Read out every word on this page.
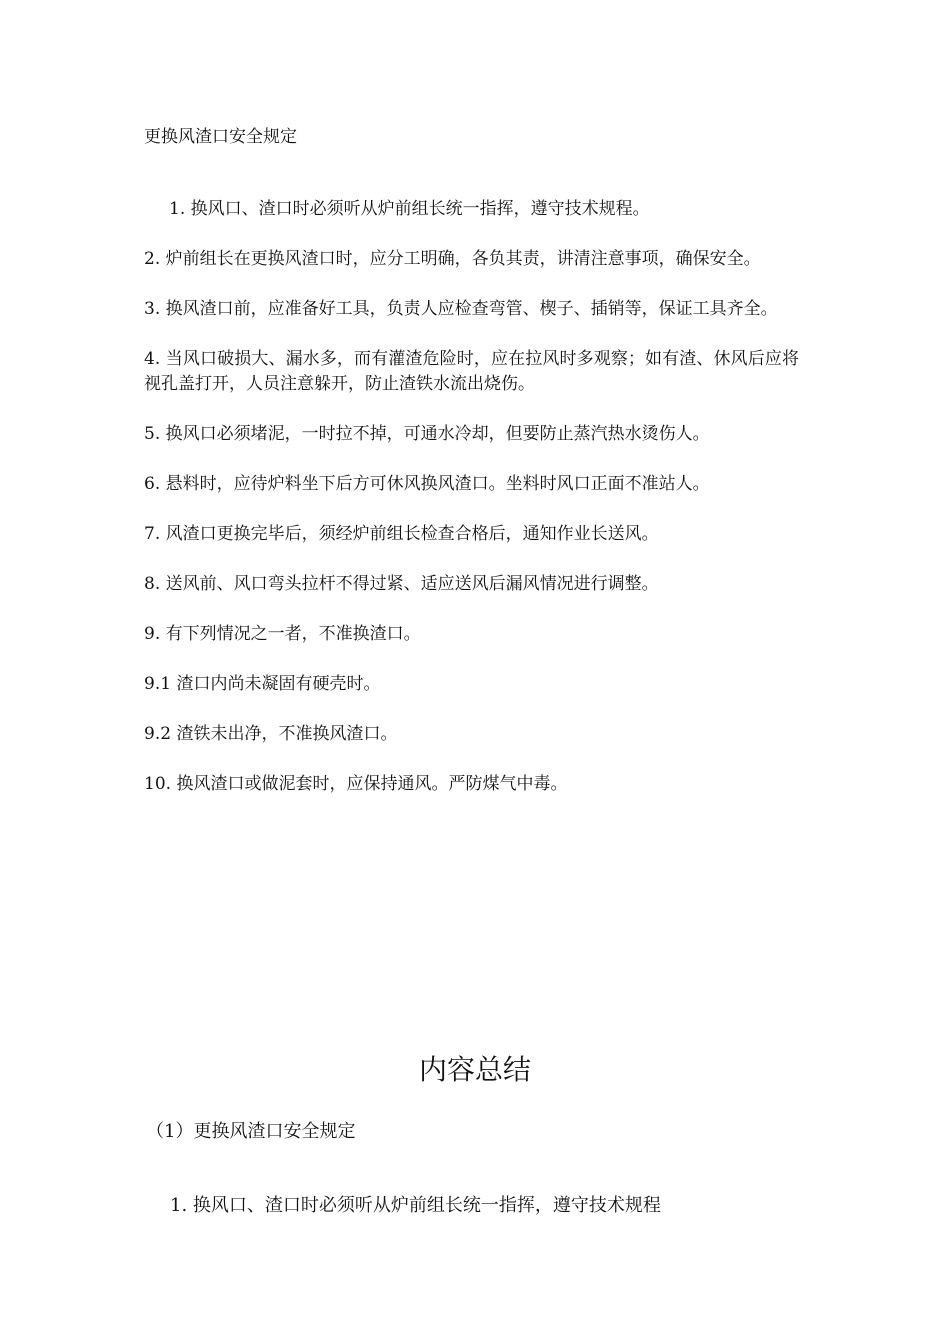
更换风渣口安全规定
1. 换风口、渣口时必须听从炉前组长统一指挥，遵守技术规程。
2. 炉前组长在更换风渣口时，应分工明确，各负其责，讲清注意事项，确保安全。
3. 换风渣口前，应准备好工具，负责人应检查弯管、楔子、插销等，保证工具齐全。
4. 当风口破损大、漏水多，而有灌渣危险时，应在拉风时多观察；如有渣、休风后应将视孔盖打开，人员注意躲开，防止渣铁水流出烧伤。
5. 换风口必须堵泥，一时拉不掉，可通水冷却，但要防止蒸汽热水烫伤人。
6. 悬料时，应待炉料坐下后方可休风换风渣口。坐料时风口正面不准站人。
7. 风渣口更换完毕后，须经炉前组长检查合格后，通知作业长送风。
8. 送风前、风口弯头拉杆不得过紧、适应送风后漏风情况进行调整。
9. 有下列情况之一者，不准换渣口。
9.1 渣口内尚未凝固有硬壳时。
9.2 渣铁未出净，不准换风渣口。
10. 换风渣口或做泥套时，应保持通风。严防煤气中毒。
内容总结
（1）更换风渣口安全规定
1. 换风口、渣口时必须听从炉前组长统一指挥，遵守技术规程
